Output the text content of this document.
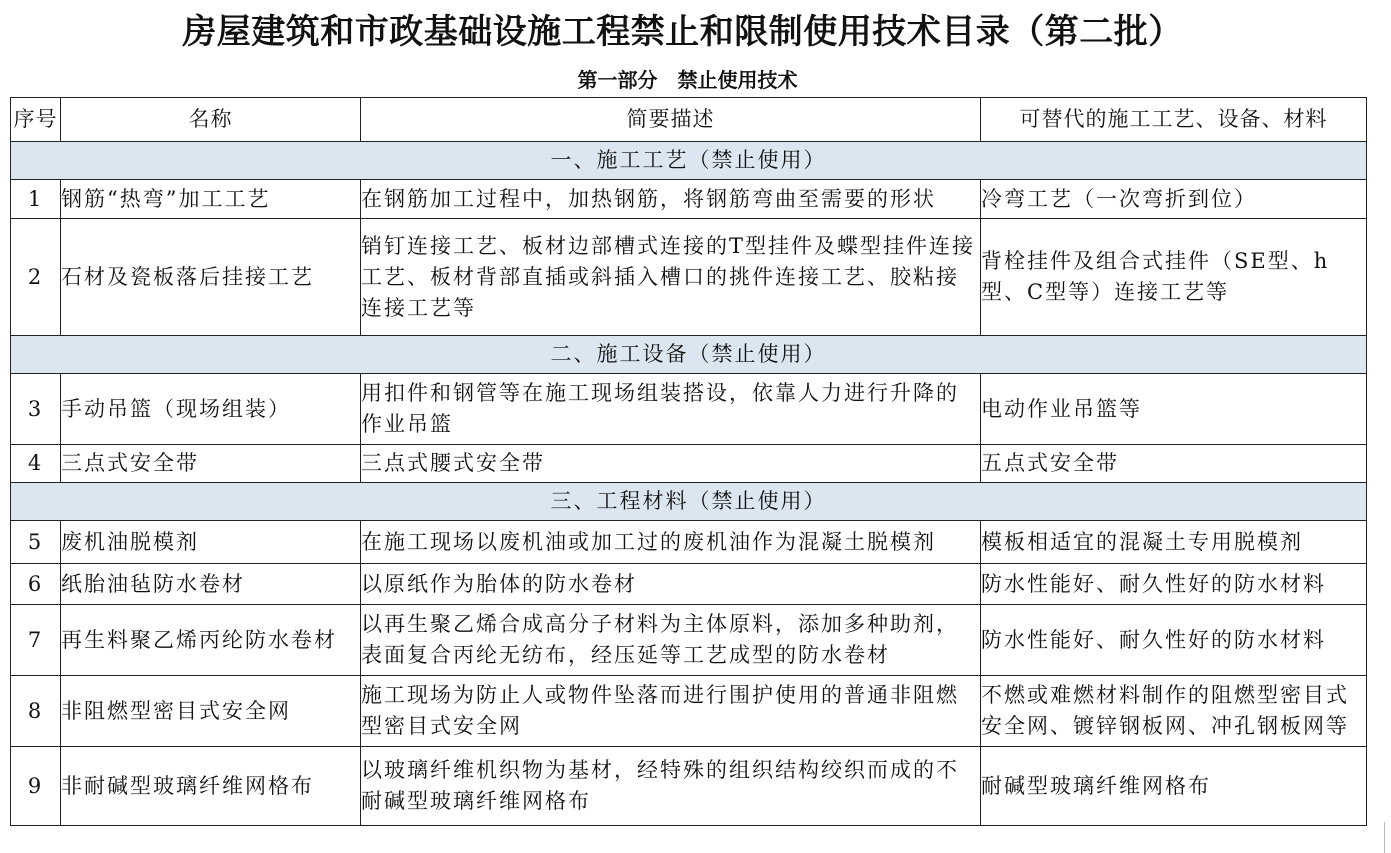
房屋建筑和市政基础设施工程禁止和限制使用技术目录（第二批）
第一部分　禁止使用技术
序号	名称	简要描述	可替代的施工工艺、设备、材料
一、施工工艺（禁止使用）			
1	钢筋“热弯”加工工艺	在钢筋加工过程中，加热钢筋，将钢筋弯曲至需要的形状	冷弯工艺（一次弯折到位）
2	石材及瓷板落后挂接工艺	销钉连接工艺、板材边部槽式连接的T型挂件及蝶型挂件连接工艺、板材背部直插或斜插入槽口的挑件连接工艺、胶粘接连接工艺等	背栓挂件及组合式挂件（SE型、h型、C型等）连接工艺等
二、施工设备（禁止使用）			
3	手动吊篮（现场组装）	用扣件和钢管等在施工现场组装搭设，依靠人力进行升降的作业吊篮	电动作业吊篮等
4	三点式安全带	三点式腰式安全带	五点式安全带
三、工程材料（禁止使用）			
5	废机油脱模剂	在施工现场以废机油或加工过的废机油作为混凝土脱模剂	模板相适宜的混凝土专用脱模剂
6	纸胎油毡防水卷材	以原纸作为胎体的防水卷材	防水性能好、耐久性好的防水材料
7	再生料聚乙烯丙纶防水卷材	以再生聚乙烯合成高分子材料为主体原料，添加多种助剂，表面复合丙纶无纺布，经压延等工艺成型的防水卷材	防水性能好、耐久性好的防水材料
8	非阻燃型密目式安全网	施工现场为防止人或物件坠落而进行围护使用的普通非阻燃型密目式安全网	不燃或难燃材料制作的阻燃型密目式安全网、镀锌钢板网、冲孔钢板网等
9	非耐碱型玻璃纤维网格布	以玻璃纤维机织物为基材，经特殊的组织结构绞织而成的不耐碱型玻璃纤维网格布	耐碱型玻璃纤维网格布
